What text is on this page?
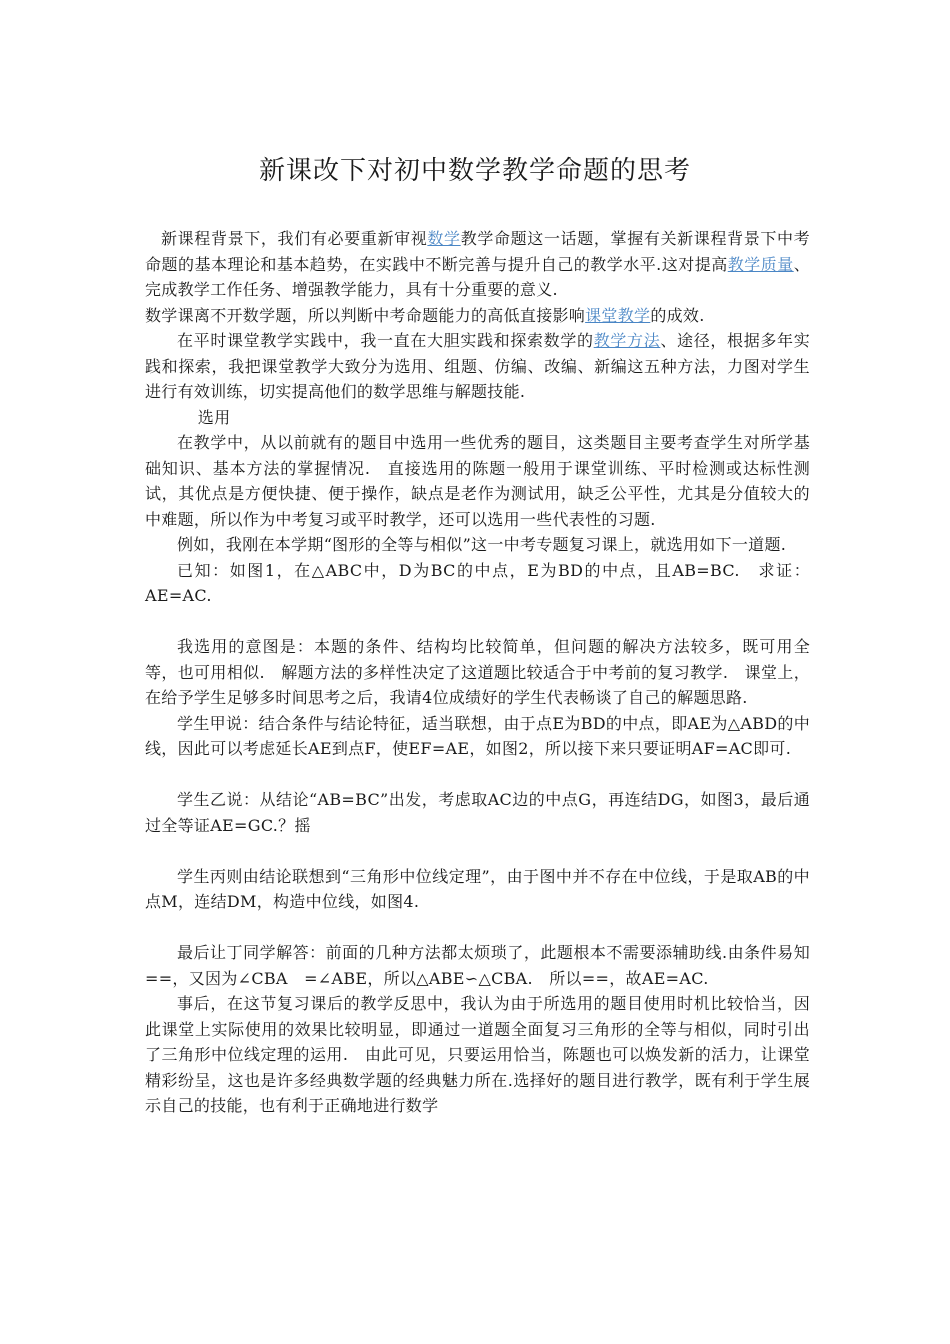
新课改下对初中数学教学命题的思考

新课程背景下，我们有必要重新审视数学教学命题这一话题，掌握有关新课程背景下中考命题的基本理论和基本趋势，在实践中不断完善与提升自己的教学水平.这对提高教学质量、完成教学工作任务、增强教学能力，具有十分重要的意义.

数学课离不开数学题，所以判断中考命题能力的高低直接影响课堂教学的成效.

在平时课堂教学实践中，我一直在大胆实践和探索数学的教学方法、途径，根据多年实践和探索，我把课堂教学大致分为选用、组题、仿编、改编、新编这五种方法，力图对学生进行有效训练，切实提高他们的数学思维与解题技能.

选用

在教学中，从以前就有的题目中选用一些优秀的题目，这类题目主要考查学生对所学基础知识、基本方法的掌握情况.　直接选用的陈题一般用于课堂训练、平时检测或达标性测试，其优点是方便快捷、便于操作，缺点是老作为测试用，缺乏公平性，尤其是分值较大的中难题，所以作为中考复习或平时教学，还可以选用一些代表性的习题.

例如，我刚在本学期“图形的全等与相似”这一中考专题复习课上，就选用如下一道题.

已知：如图1，在△ABC中，D为BC的中点，E为BD的中点，且AB=BC.　求证：AE=AC.

我选用的意图是：本题的条件、结构均比较简单，但问题的解决方法较多，既可用全等，也可用相似.　解题方法的多样性决定了这道题比较适合于中考前的复习教学.　课堂上，在给予学生足够多时间思考之后，我请4位成绩好的学生代表畅谈了自己的解题思路.

学生甲说：结合条件与结论特征，适当联想，由于点E为BD的中点，即AE为△ABD的中线，因此可以考虑延长AE到点F，使EF=AE，如图2，所以接下来只要证明AF=AC即可.

学生乙说：从结论“AB=BC”出发，考虑取AC边的中点G，再连结DG，如图3，最后通过全等证AE=GC.？摇

学生丙则由结论联想到“三角形中位线定理”，由于图中并不存在中位线，于是取AB的中点M，连结DM，构造中位线，如图4.

最后让丁同学解答：前面的几种方法都太烦琐了，此题根本不需要添辅助线.由条件易知==，又因为∠CBA　=∠ABE，所以△ABE∽△CBA.　所以==，故AE=AC.

事后，在这节复习课后的教学反思中，我认为由于所选用的题目使用时机比较恰当，因此课堂上实际使用的效果比较明显，即通过一道题全面复习三角形的全等与相似，同时引出了三角形中位线定理的运用.　由此可见，只要运用恰当，陈题也可以焕发新的活力，让课堂精彩纷呈，这也是许多经典数学题的经典魅力所在.选择好的题目进行教学，既有利于学生展示自己的技能，也有利于正确地进行数学
